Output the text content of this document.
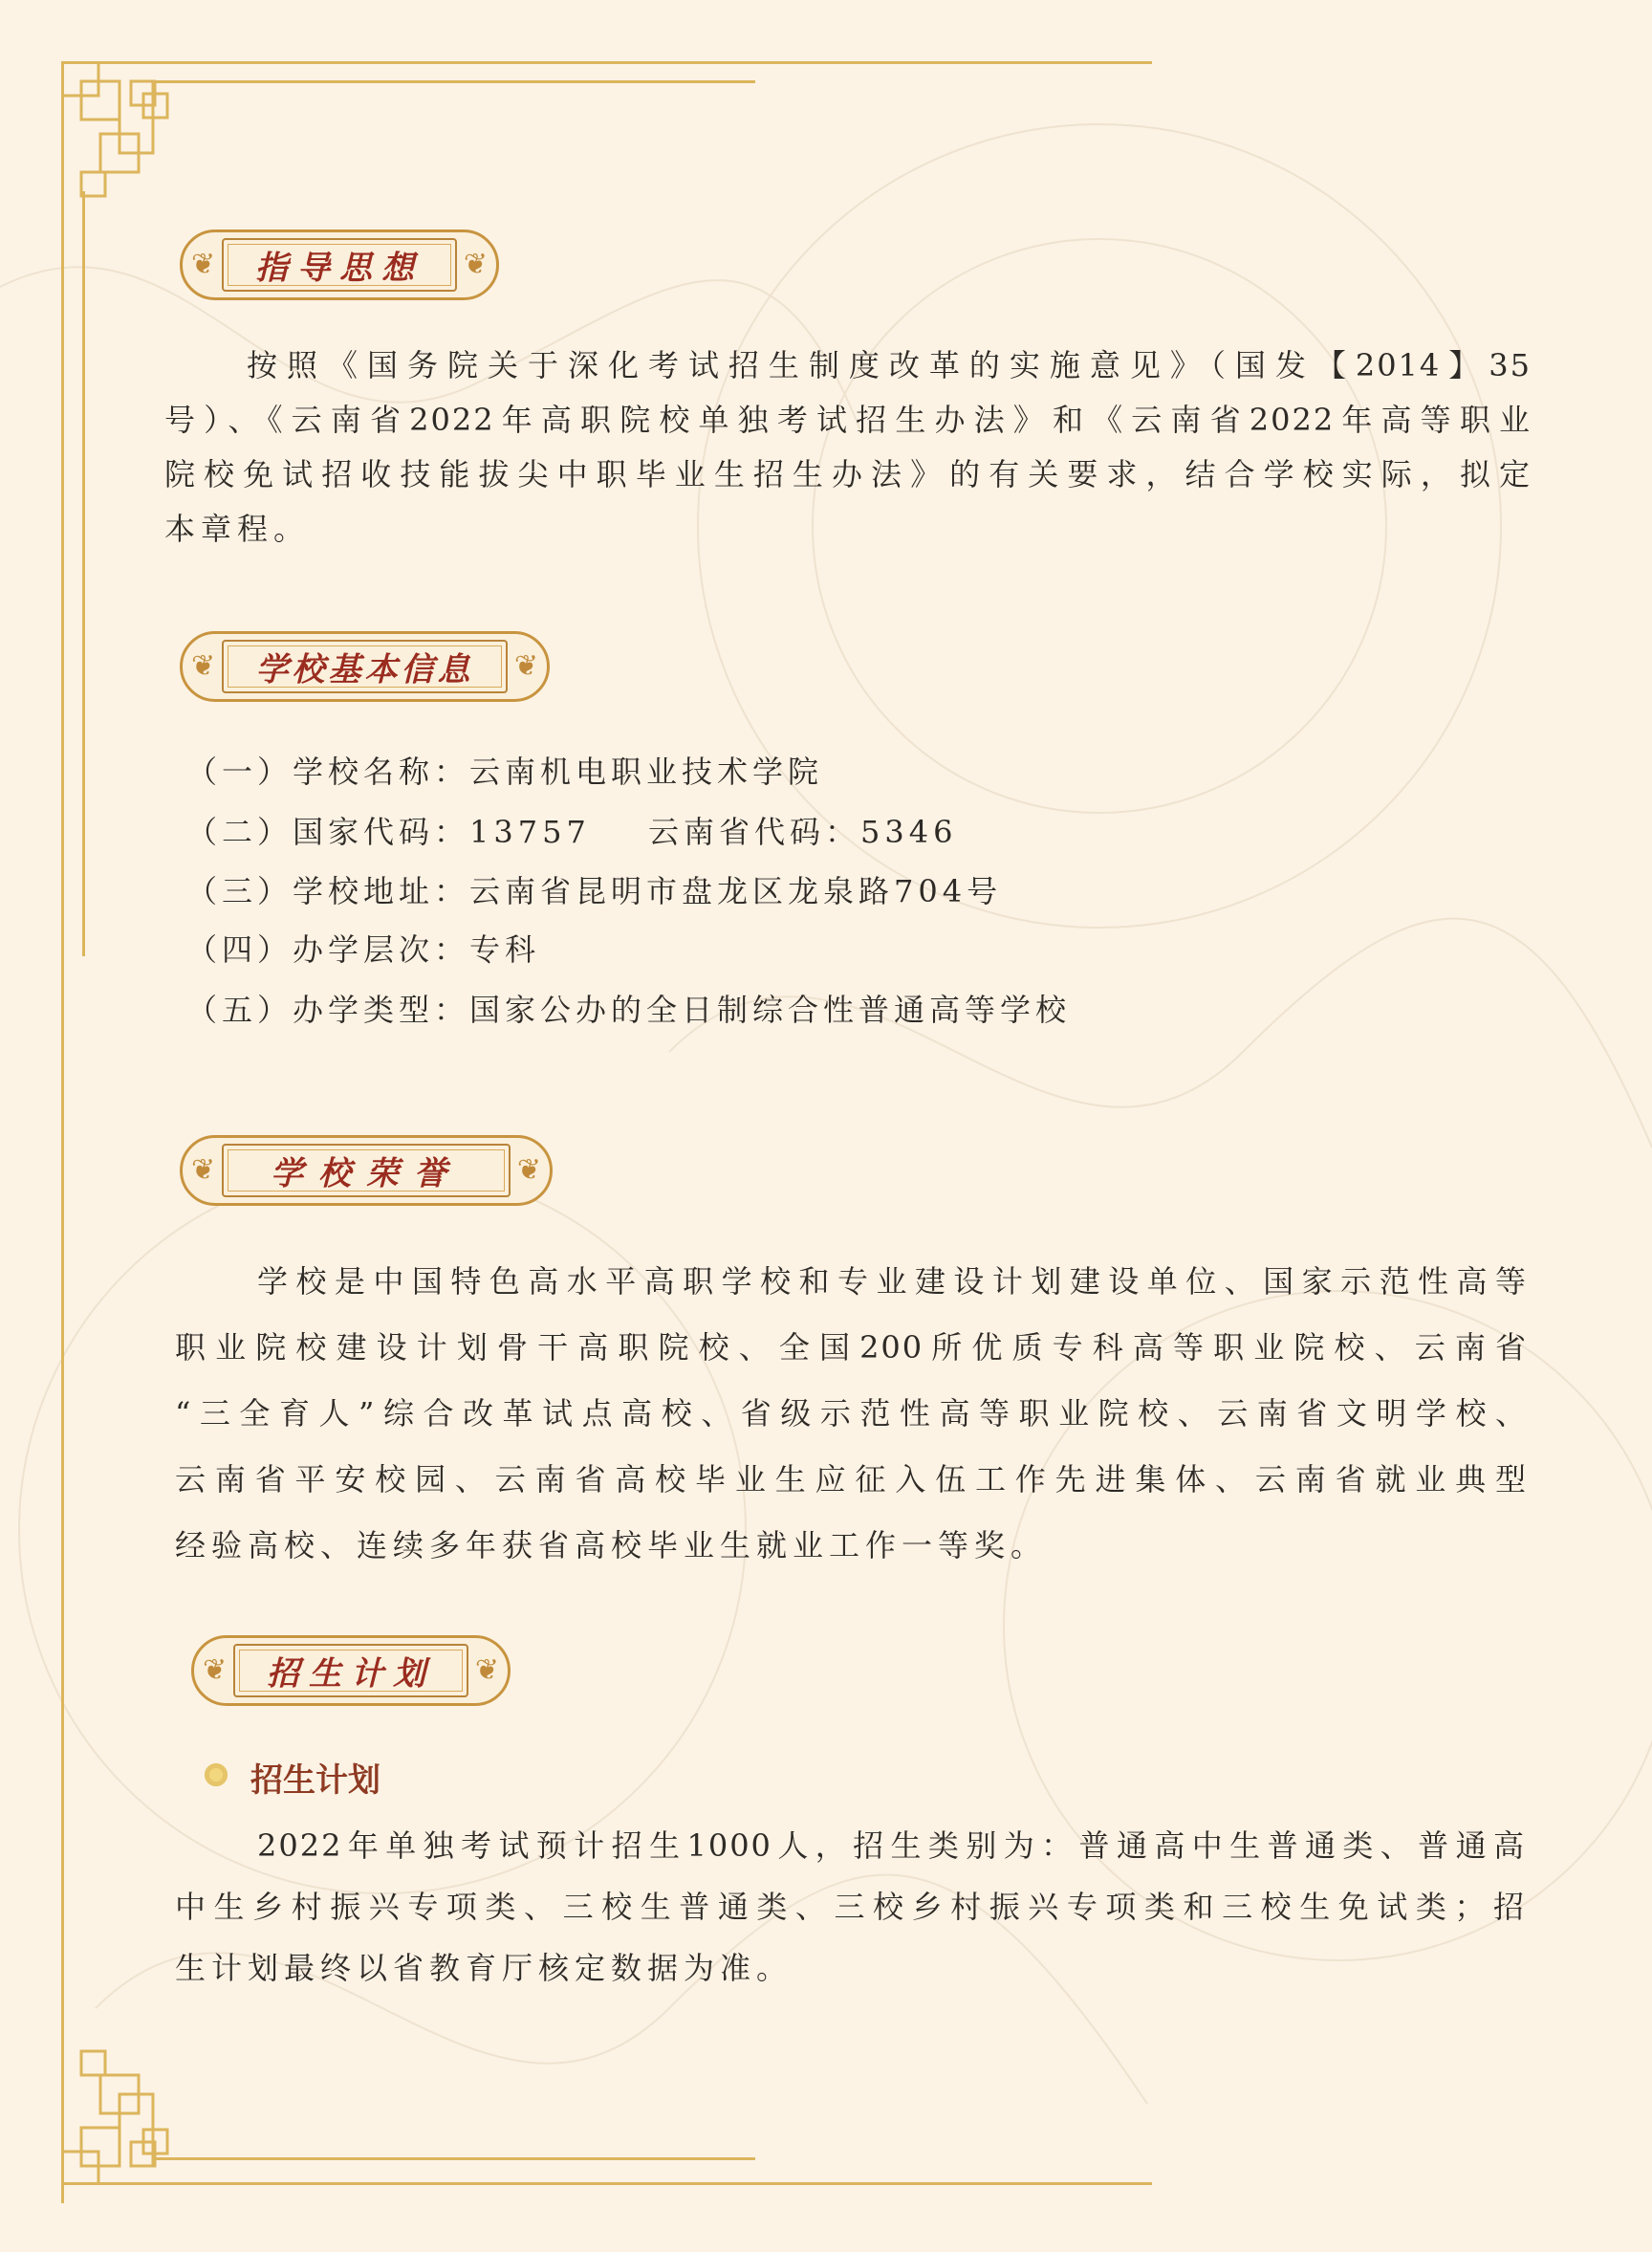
❦	❦
指导思想
❦	❦
学校基本信息
❦	❦
学校荣誉
❦	❦
招生计划
按照《国务院关于深化考试招生制度改革的实施意见》（国发【2014】35
号）、《云南省2022年高职院校单独考试招生办法》和《云南省2022年高等职业
院校免试招收技能拔尖中职毕业生招生办法》的有关要求，结合学校实际，拟定
本章程。
（一）学校名称：云南机电职业技术学院
（二）国家代码：13757 云南省代码：5346
（三）学校地址：云南省昆明市盘龙区龙泉路704号
（四）办学层次：专科
（五）办学类型：国家公办的全日制综合性普通高等学校
学校是中国特色高水平高职学校和专业建设计划建设单位、国家示范性高等
职业院校建设计划骨干高职院校、全国200所优质专科高等职业院校、云南省
“三全育人”综合改革试点高校、省级示范性高等职业院校、云南省文明学校、
云南省平安校园、云南省高校毕业生应征入伍工作先进集体、云南省就业典型
经验高校、连续多年获省高校毕业生就业工作一等奖。
招生计划
2022年单独考试预计招生1000人，招生类别为：普通高中生普通类、普通高
中生乡村振兴专项类、三校生普通类、三校乡村振兴专项类和三校生免试类；招
生计划最终以省教育厅核定数据为准。
